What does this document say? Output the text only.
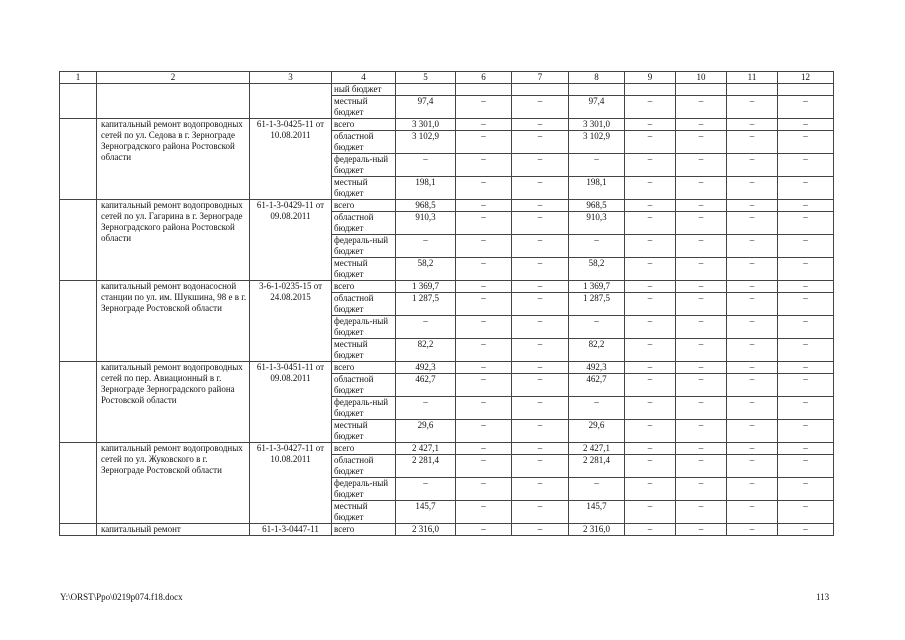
1	2	3	4	5	6	7	8	9	10	11	12
			ный бюджет								
			местный бюджет	97,4	–	–	97,4	–	–	–	–
	капитальный ремонт водопроводных сетей по ул. Седова в г. Зернограде Зерноградского района Ростовской области	61-1-3-0425-11 от 10.08.2011	всего	3 301,0	–	–	3 301,0	–	–	–	–
			областной бюджет	3 102,9	–	–	3 102,9	–	–	–	–
			федераль-ный бюджет	–	–	–	–	–	–	–	–
			местный бюджет	198,1	–	–	198,1	–	–	–	–
	капитальный ремонт водопроводных сетей по ул. Гагарина в г. Зернограде Зерноградского района Ростовской области	61-1-3-0429-11 от 09.08.2011	всего	968,5	–	–	968,5	–	–	–	–
			областной бюджет	910,3	–	–	910,3	–	–	–	–
			федераль-ный бюджет	–	–	–	–	–	–	–	–
			местный бюджет	58,2	–	–	58,2	–	–	–	–
	капитальный ремонт водонасосной станции по ул. им. Шукшина, 98 е в г. Зернограде Ростовской области	3-6-1-0235-15 от 24.08.2015	всего	1 369,7	–	–	1 369,7	–	–	–	–
			областной бюджет	1 287,5	–	–	1 287,5	–	–	–	–
			федераль-ный бюджет	–	–	–	–	–	–	–	–
			местный бюджет	82,2	–	–	82,2	–	–	–	–
	капитальный ремонт водопроводных сетей по пер. Авиационный в г. Зернограде Зерноградского района Ростовской области	61-1-3-0451-11 от 09.08.2011	всего	492,3	–	–	492,3	–	–	–	–
			областной бюджет	462,7	–	–	462,7	–	–	–	–
			федераль-ный бюджет	–	–	–	–	–	–	–	–
			местный бюджет	29,6	–	–	29,6	–	–	–	–
	капитальный ремонт водопроводных сетей по ул. Жуковского в г. Зернограде Ростовской области	61-1-3-0427-11 от 10.08.2011	всего	2 427,1	–	–	2 427,1	–	–	–	–
			областной бюджет	2 281,4	–	–	2 281,4	–	–	–	–
			федераль-ный бюджет	–	–	–	–	–	–	–	–
			местный бюджет	145,7	–	–	145,7	–	–	–	–
	капитальный ремонт	61-1-3-0447-11	всего	2 316,0	–	–	2 316,0	–	–	–	–
Y:\ORST\Ppo\0219p074.f18.docx	113
